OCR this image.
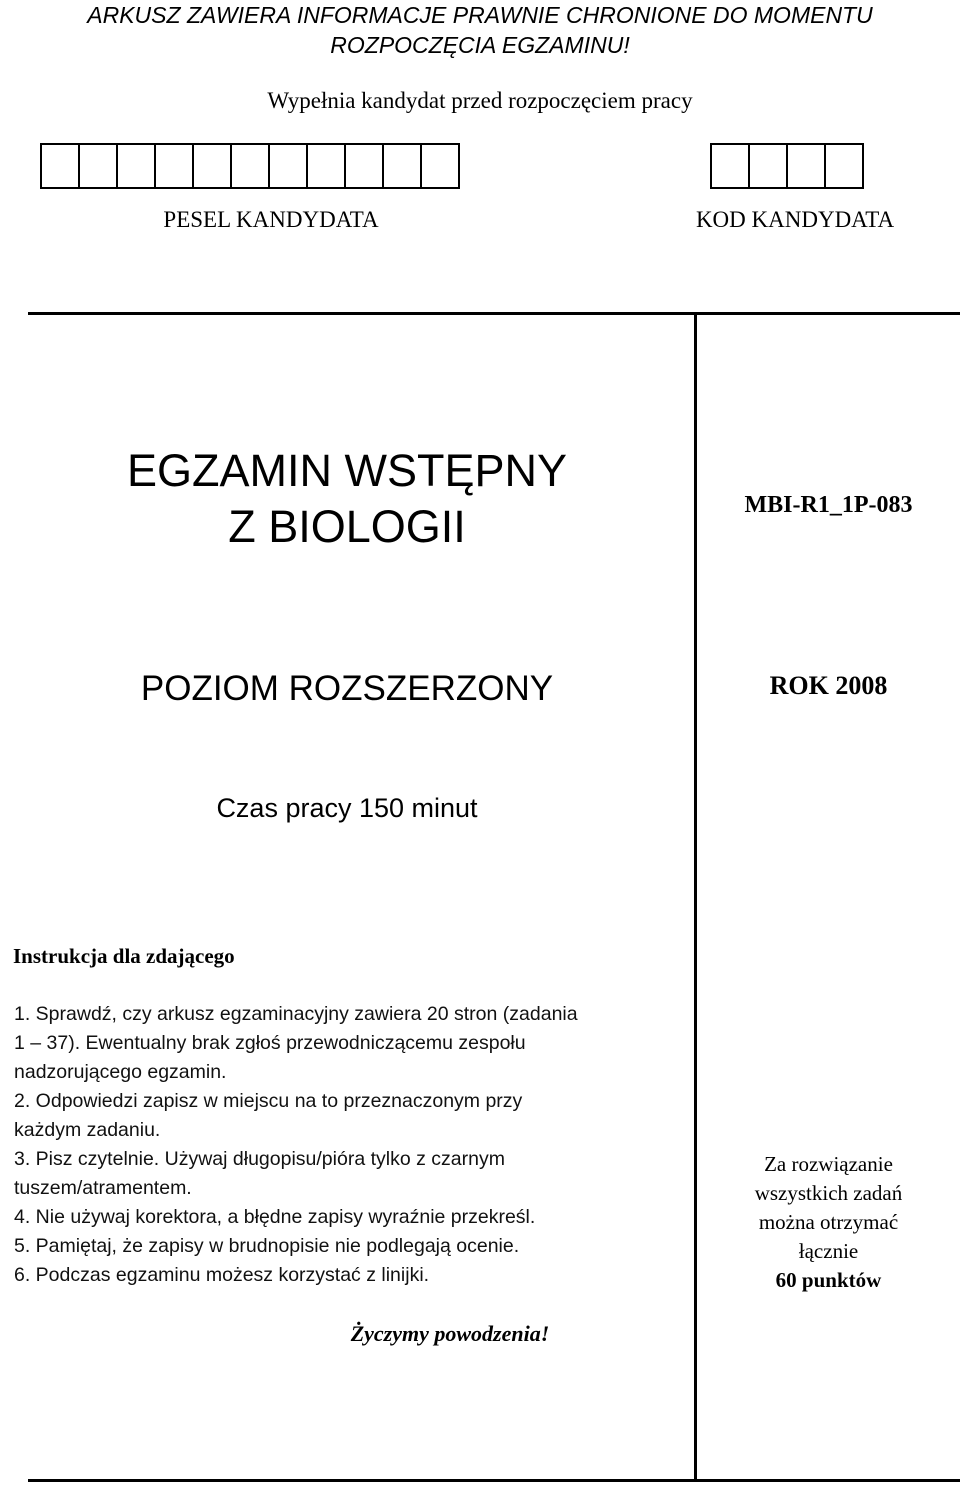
ARKUSZ ZAWIERA INFORMACJE PRAWNIE CHRONIONE DO MOMENTU
ROZPOCZĘCIA EGZAMINU!
Wypełnia kandydat przed rozpoczęciem pracy
PESEL KANDYDATA	KOD KANDYDATA
EGZAMIN WSTĘPNY
Z BIOLOGII	MBI-R1_1P-083
POZIOM ROZSZERZONY	ROK 2008
Czas pracy 150 minut
Instrukcja dla zdającego
1. Sprawdź, czy arkusz egzaminacyjny zawiera 20 stron (zadania
1 – 37). Ewentualny brak zgłoś przewodniczącemu zespołu
nadzorującego egzamin.
2. Odpowiedzi zapisz w miejscu na to przeznaczonym przy
każdym zadaniu.
3. Pisz czytelnie. Używaj długopisu/pióra tylko z czarnym
tuszem/atramentem.
4. Nie używaj korektora, a błędne zapisy wyraźnie przekreśl.
5. Pamiętaj, że zapisy w brudnopisie nie podlegają ocenie.
6. Podczas egzaminu możesz korzystać z linijki.
Za rozwiązanie
wszystkich zadań
można otrzymać
łącznie
60 punktów
Życzymy powodzenia!
